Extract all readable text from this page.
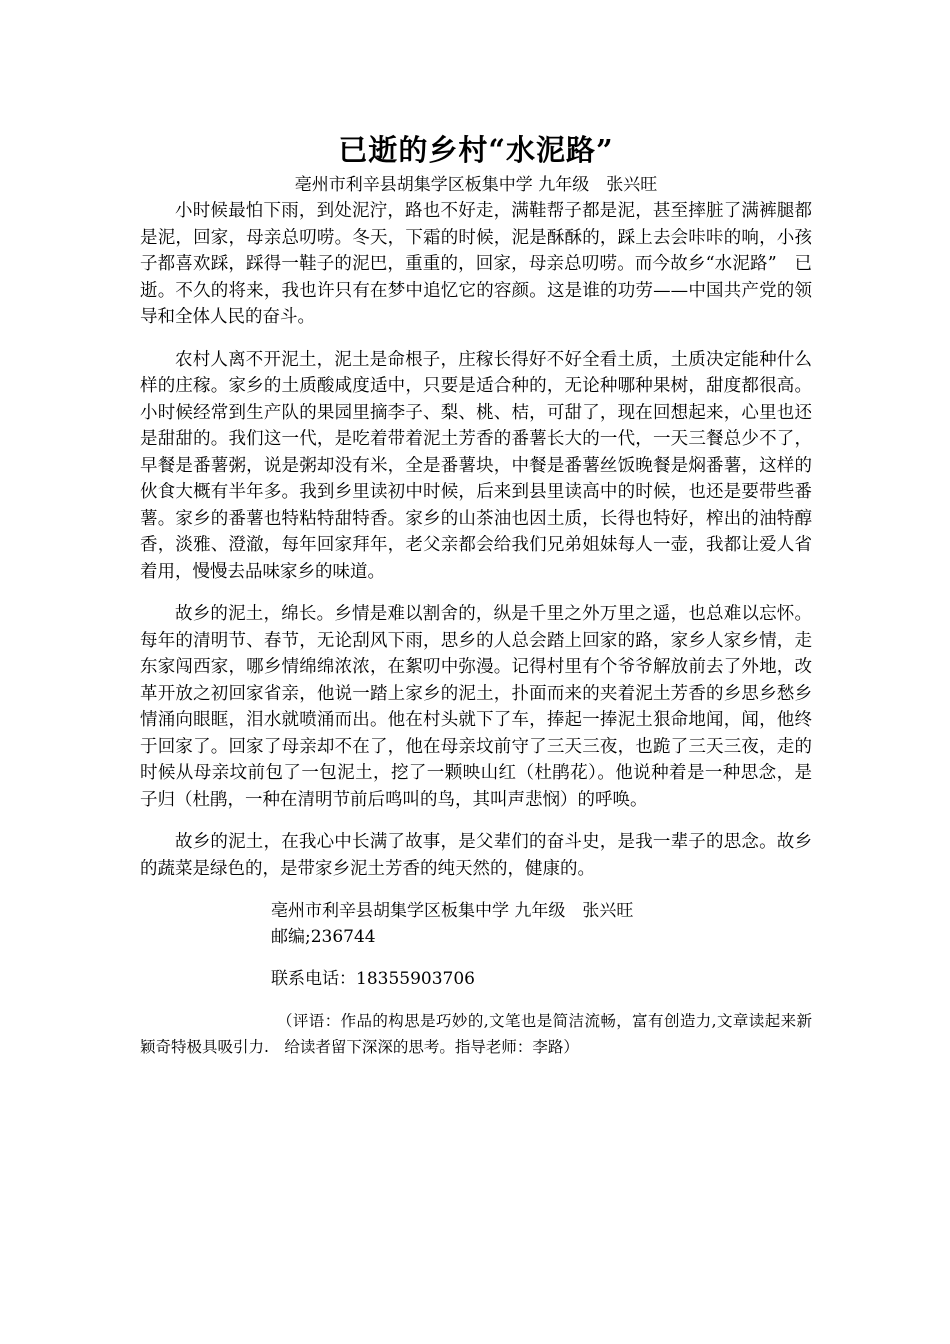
已逝的乡村“水泥路”

亳州市利辛县胡集学区板集中学 九年级　张兴旺

小时候最怕下雨，到处泥泞，路也不好走，满鞋帮子都是泥，甚至摔脏了满裤腿都是泥，回家，母亲总叨唠。冬天，下霜的时候，泥是酥酥的，踩上去会咔咔的响，小孩子都喜欢踩，踩得一鞋子的泥巴，重重的，回家，母亲总叨唠。而今故乡“水泥路”　已逝。不久的将来，我也许只有在梦中追忆它的容颜。这是谁的功劳——中国共产党的领导和全体人民的奋斗。

农村人离不开泥土，泥土是命根子，庄稼长得好不好全看土质，土质决定能种什么样的庄稼。家乡的土质酸咸度适中，只要是适合种的，无论种哪种果树，甜度都很高。小时候经常到生产队的果园里摘李子、梨、桃、桔，可甜了，现在回想起来，心里也还是甜甜的。我们这一代，是吃着带着泥土芳香的番薯长大的一代，一天三餐总少不了，早餐是番薯粥，说是粥却没有米，全是番薯块，中餐是番薯丝饭晚餐是焖番薯，这样的伙食大概有半年多。我到乡里读初中时候，后来到县里读高中的时候，也还是要带些番薯。家乡的番薯也特粘特甜特香。家乡的山茶油也因土质，长得也特好，榨出的油特醇香，淡雅、澄澈，每年回家拜年，老父亲都会给我们兄弟姐妹每人一壶，我都让爱人省着用，慢慢去品味家乡的味道。

故乡的泥土，绵长。乡情是难以割舍的，纵是千里之外万里之遥，也总难以忘怀。每年的清明节、春节，无论刮风下雨，思乡的人总会踏上回家的路，家乡人家乡情，走东家闯西家，哪乡情绵绵浓浓，在絮叨中弥漫。记得村里有个爷爷解放前去了外地，改革开放之初回家省亲，他说一踏上家乡的泥土，扑面而来的夹着泥土芳香的乡思乡愁乡情涌向眼眶，泪水就喷涌而出。他在村头就下了车，捧起一捧泥土狠命地闻，闻，他终于回家了。回家了母亲却不在了，他在母亲坟前守了三天三夜，也跪了三天三夜，走的时候从母亲坟前包了一包泥土，挖了一颗映山红（杜鹃花）。他说种着是一种思念，是子归（杜鹃，一种在清明节前后鸣叫的鸟，其叫声悲悯）的呼唤。

故乡的泥土，在我心中长满了故事，是父辈们的奋斗史，是我一辈子的思念。故乡的蔬菜是绿色的，是带家乡泥土芳香的纯天然的，健康的。

亳州市利辛县胡集学区板集中学 九年级　张兴旺
邮编;236744
联系电话：18355903706

（评语：作品的构思是巧妙的,文笔也是简洁流畅，富有创造力,文章读起来新颖奇特极具吸引力.　给读者留下深深的思考。指导老师：李路）
